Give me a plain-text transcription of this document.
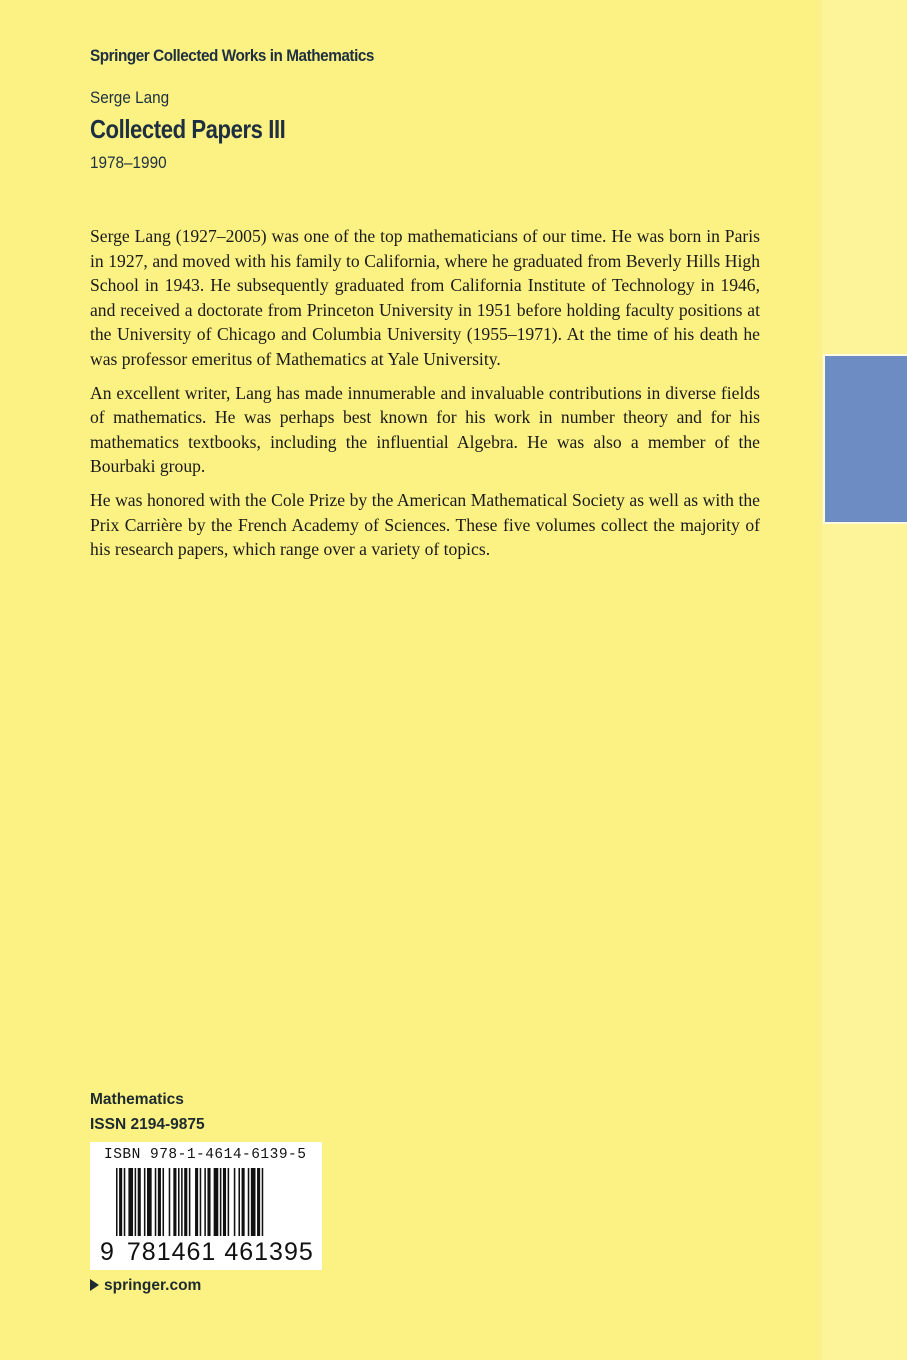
Springer Collected Works in Mathematics
Serge Lang
Collected Papers III
1978–1990

Serge Lang (1927–2005) was one of the top mathematicians of our time. He was born in Paris in 1927, and moved with his family to California, where he graduated from Beverly Hills High School in 1943. He subsequently graduated from California Institute of Technology in 1946, and received a doctorate from Princeton University in 1951 before holding faculty positions at the University of Chicago and Columbia University (1955–1971). At the time of his death he was professor emeritus of Mathematics at Yale University.

An excellent writer, Lang has made innumerable and invaluable contributions in diverse fields of mathematics. He was perhaps best known for his work in number theory and for his mathematics textbooks, including the influential Algebra. He was also a member of the Bourbaki group.

He was honored with the Cole Prize by the American Mathematical Society as well as with the Prix Carrière by the French Academy of Sciences. These five volumes collect the majority of his research papers, which range over a variety of topics.

Mathematics
ISSN 2194-9875
ISBN 978-1-4614-6139-5
9 781461 461395
springer.com
